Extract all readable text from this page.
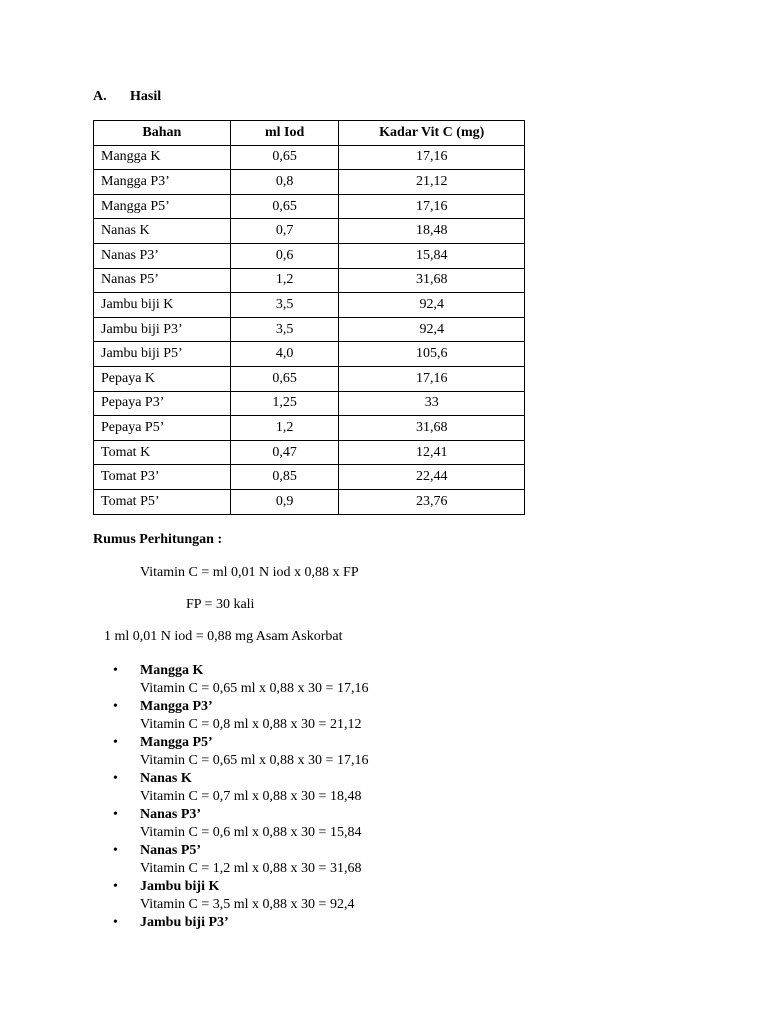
A. Hasil
Bahan	ml Iod	Kadar Vit C (mg)
Mangga K	0,65	17,16
Mangga P3’	0,8	21,12
Mangga P5’	0,65	17,16
Nanas K	0,7	18,48
Nanas P3’	0,6	15,84
Nanas P5’	1,2	31,68
Jambu biji K	3,5	92,4
Jambu biji P3’	3,5	92,4
Jambu biji P5’	4,0	105,6
Pepaya K	0,65	17,16
Pepaya P3’	1,25	33
Pepaya P5’	1,2	31,68
Tomat K	0,47	12,41
Tomat P3’	0,85	22,44
Tomat P5’	0,9	23,76
Rumus Perhitungan :
Vitamin C = ml 0,01 N iod x 0,88 x FP
FP = 30 kali
1 ml 0,01 N iod = 0,88 mg Asam Askorbat
• Mangga K
Vitamin C = 0,65 ml x 0,88 x 30 = 17,16
• Mangga P3’
Vitamin C = 0,8 ml x 0,88 x 30 = 21,12
• Mangga P5’
Vitamin C = 0,65 ml x 0,88 x 30 = 17,16
• Nanas K
Vitamin C = 0,7 ml x 0,88 x 30 = 18,48
• Nanas P3’
Vitamin C = 0,6 ml x 0,88 x 30 = 15,84
• Nanas P5’
Vitamin C = 1,2 ml x 0,88 x 30 = 31,68
• Jambu biji K
Vitamin C = 3,5 ml x 0,88 x 30 = 92,4
• Jambu biji P3’
